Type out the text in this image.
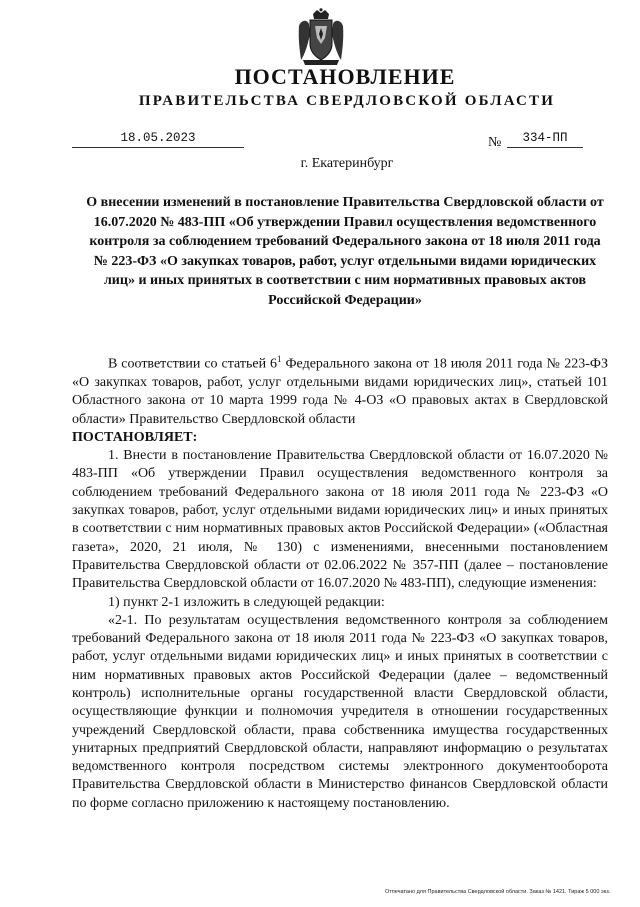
ПОСТАНОВЛЕНИЕ
ПРАВИТЕЛЬСТВА СВЕРДЛОВСКОЙ ОБЛАСТИ
18.05.2023	№	334-ПП
г. Екатеринбург

О внесении изменений в постановление Правительства Свердловской области от 16.07.2020 № 483-ПП «Об утверждении Правил осуществления ведомственного контроля за соблюдением требований Федерального закона от 18 июля 2011 года № 223-ФЗ «О закупках товаров, работ, услуг отдельными видами юридических лиц» и иных принятых в соответствии с ним нормативных правовых актов Российской Федерации»

В соответствии со статьей $6^1$ Федерального закона от 18 июля 2011 года № 223-ФЗ «О закупках товаров, работ, услуг отдельными видами юридических лиц», статьей 101 Областного закона от 10 марта 1999 года № 4-ОЗ «О правовых актах в Свердловской области» Правительство Свердловской области

ПОСТАНОВЛЯЕТ:

1. Внести в постановление Правительства Свердловской области от 16.07.2020 № 483-ПП «Об утверждении Правил осуществления ведомственного контроля за соблюдением требований Федерального закона от 18 июля 2011 года № 223-ФЗ «О закупках товаров, работ, услуг отдельными видами юридических лиц» и иных принятых в соответствии с ним нормативных правовых актов Российской Федерации» («Областная газета», 2020, 21 июля, № 130) с изменениями, внесенными постановлением Правительства Свердловской области от 02.06.2022 № 357-ПП (далее – постановление Правительства Свердловской области от 16.07.2020 № 483-ПП), следующие изменения:

1) пункт 2-1 изложить в следующей редакции:

«2-1. По результатам осуществления ведомственного контроля за соблюдением требований Федерального закона от 18 июля 2011 года № 223-ФЗ «О закупках товаров, работ, услуг отдельными видами юридических лиц» и иных принятых в соответствии с ним нормативных правовых актов Российской Федерации (далее – ведомственный контроль) исполнительные органы государственной власти Свердловской области, осуществляющие функции и полномочия учредителя в отношении государственных учреждений Свердловской области, права собственника имущества государственных унитарных предприятий Свердловской области, направляют информацию о результатах ведомственного контроля посредством системы электронного документооборота Правительства Свердловской области в Министерство финансов Свердловской области по форме согласно приложению к настоящему постановлению.

Отпечатано для Правительства Свердловской области. Заказ № 1421. Тираж 5 000 экз.
